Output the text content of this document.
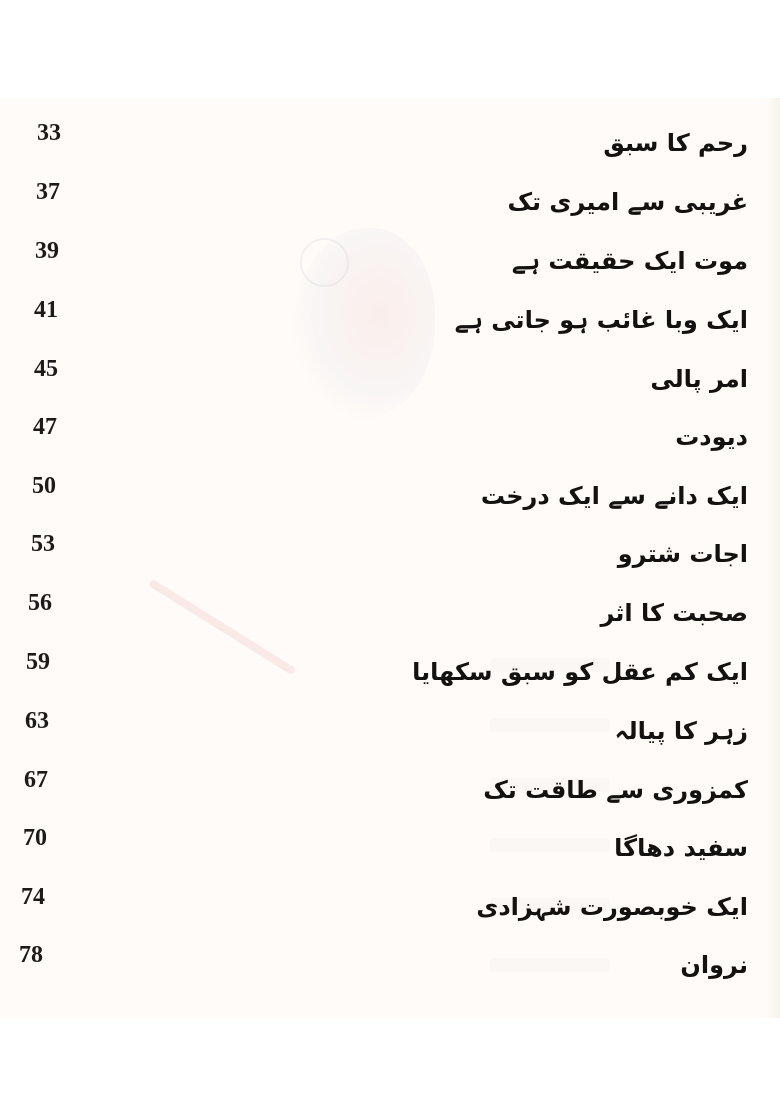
33	رحم کا سبق
37	غریبی سے امیری تک
39	موت ایک حقیقت ہے
41	ایک وبا غائب ہو جاتی ہے
45	امر پالی
47	دیودت
50	ایک دانے سے ایک درخت
53	اجات شترو
56	صحبت کا اثر
59	ایک کم عقل کو سبق سکھایا
63	زہر کا پیالہ
67	کمزوری سے طاقت تک
70	سفید دھاگا
74	ایک خوبصورت شہزادی
78	نروان
